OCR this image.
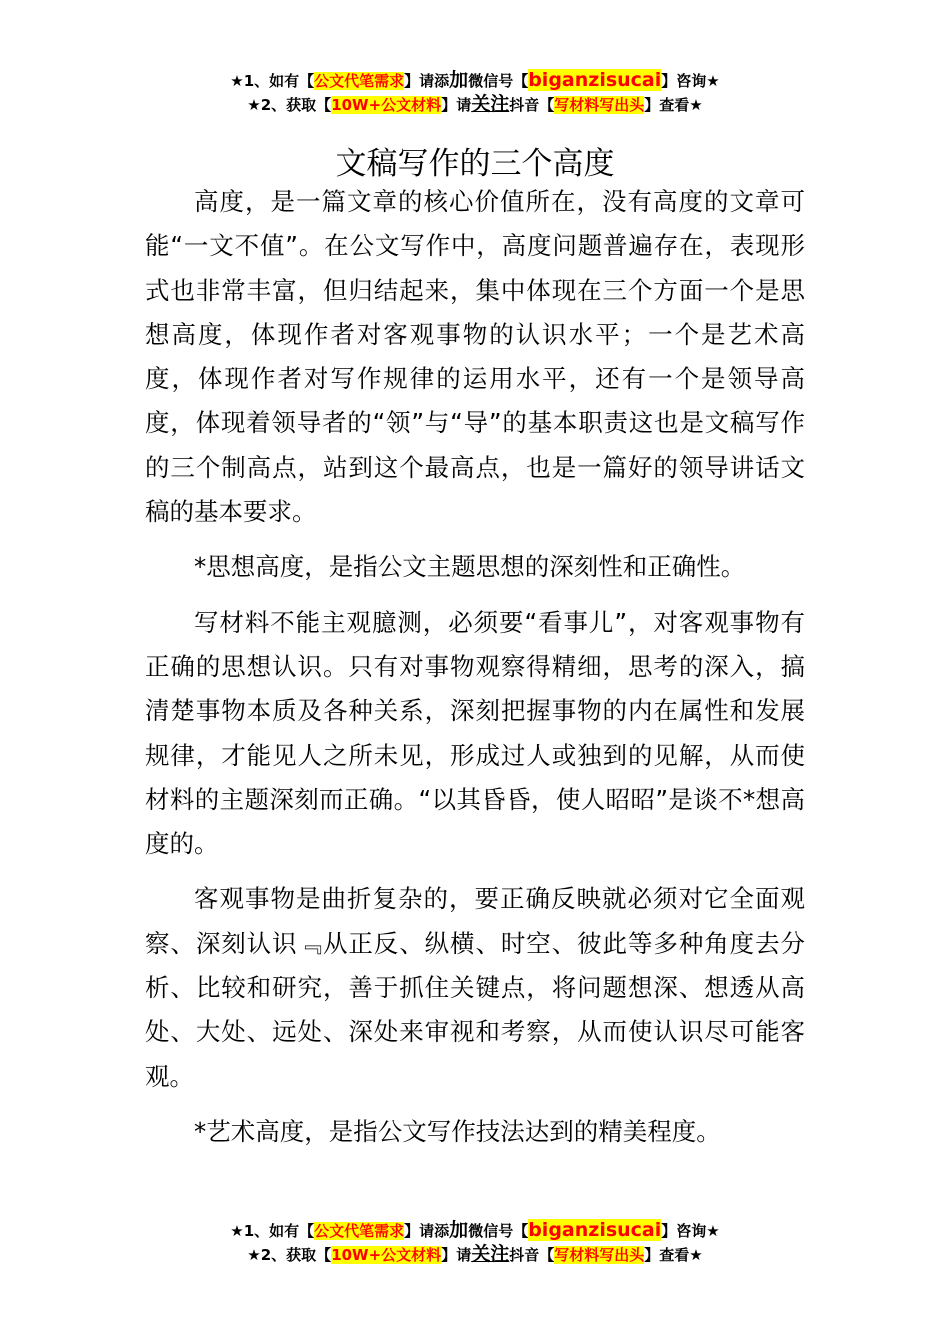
★1、如有【公文代笔需求】请添加微信号【biganzisucai】咨询★
★2、获取【10W+公文材料】请关注抖音【写材料写出头】查看★
文稿写作的三个高度

高度，是一篇文章的核心价值所在，没有高度的文章可能“一文不值”。在公文写作中，高度问题普遍存在，表现形式也非常丰富，但归结起来，集中体现在三个方面一个是思想高度，体现作者对客观事物的认识水平；一个是艺术高度，体现作者对写作规律的运用水平，还有一个是领导高度，体现着领导者的“领”与“导”的基本职责这也是文稿写作的三个制高点，站到这个最高点，也是一篇好的领导讲话文稿的基本要求。

*思想高度，是指公文主题思想的深刻性和正确性。

写材料不能主观臆测，必须要“看事儿”，对客观事物有正确的思想认识。只有对事物观察得精细，思考的深入，搞清楚事物本质及各种关系，深刻把握事物的内在属性和发展规律，才能见人之所未见，形成过人或独到的见解，从而使材料的主题深刻而正确。“以其昏昏，使人昭昭”是谈不*想高度的。

客观事物是曲折复杂的，要正确反映就必须对它全面观察、深刻认识﹃从正反、纵横、时空、彼此等多种角度去分析、比较和研究，善于抓住关键点，将问题想深、想透从高处、大处、远处、深处来审视和考察，从而使认识尽可能客观。

*艺术高度，是指公文写作技法达到的精美程度。

★1、如有【公文代笔需求】请添加微信号【biganzisucai】咨询★
★2、获取【10W+公文材料】请关注抖音【写材料写出头】查看★
